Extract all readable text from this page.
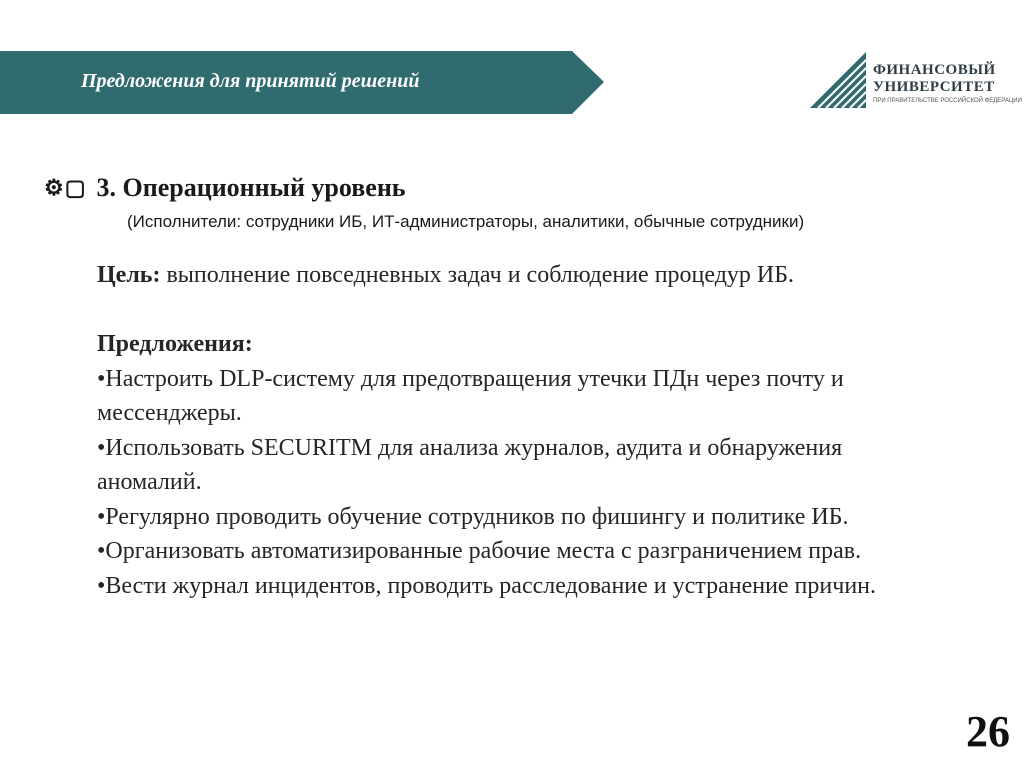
Предложения для принятий решений	ФИНАНСОВЫЙ
УНИВЕРСИТЕТ
ПРИ ПРАВИТЕЛЬСТВЕ РОССИЙСКОЙ ФЕДЕРАЦИИ
⚙▢ 3. Операционный уровень
(Исполнители: сотрудники ИБ, ИТ-администраторы, аналитики, обычные сотрудники)

Цель: выполнение повседневных задач и соблюдение процедур ИБ.

Предложения:

•Настроить DLP-систему для предотвращения утечки ПДн через почту и мессенджеры.

•Использовать SECURITM для анализа журналов, аудита и обнаружения аномалий.

•Регулярно проводить обучение сотрудников по фишингу и политике ИБ.

•Организовать автоматизированные рабочие места с разграничением прав.

•Вести журнал инцидентов, проводить расследование и устранение причин.

26
